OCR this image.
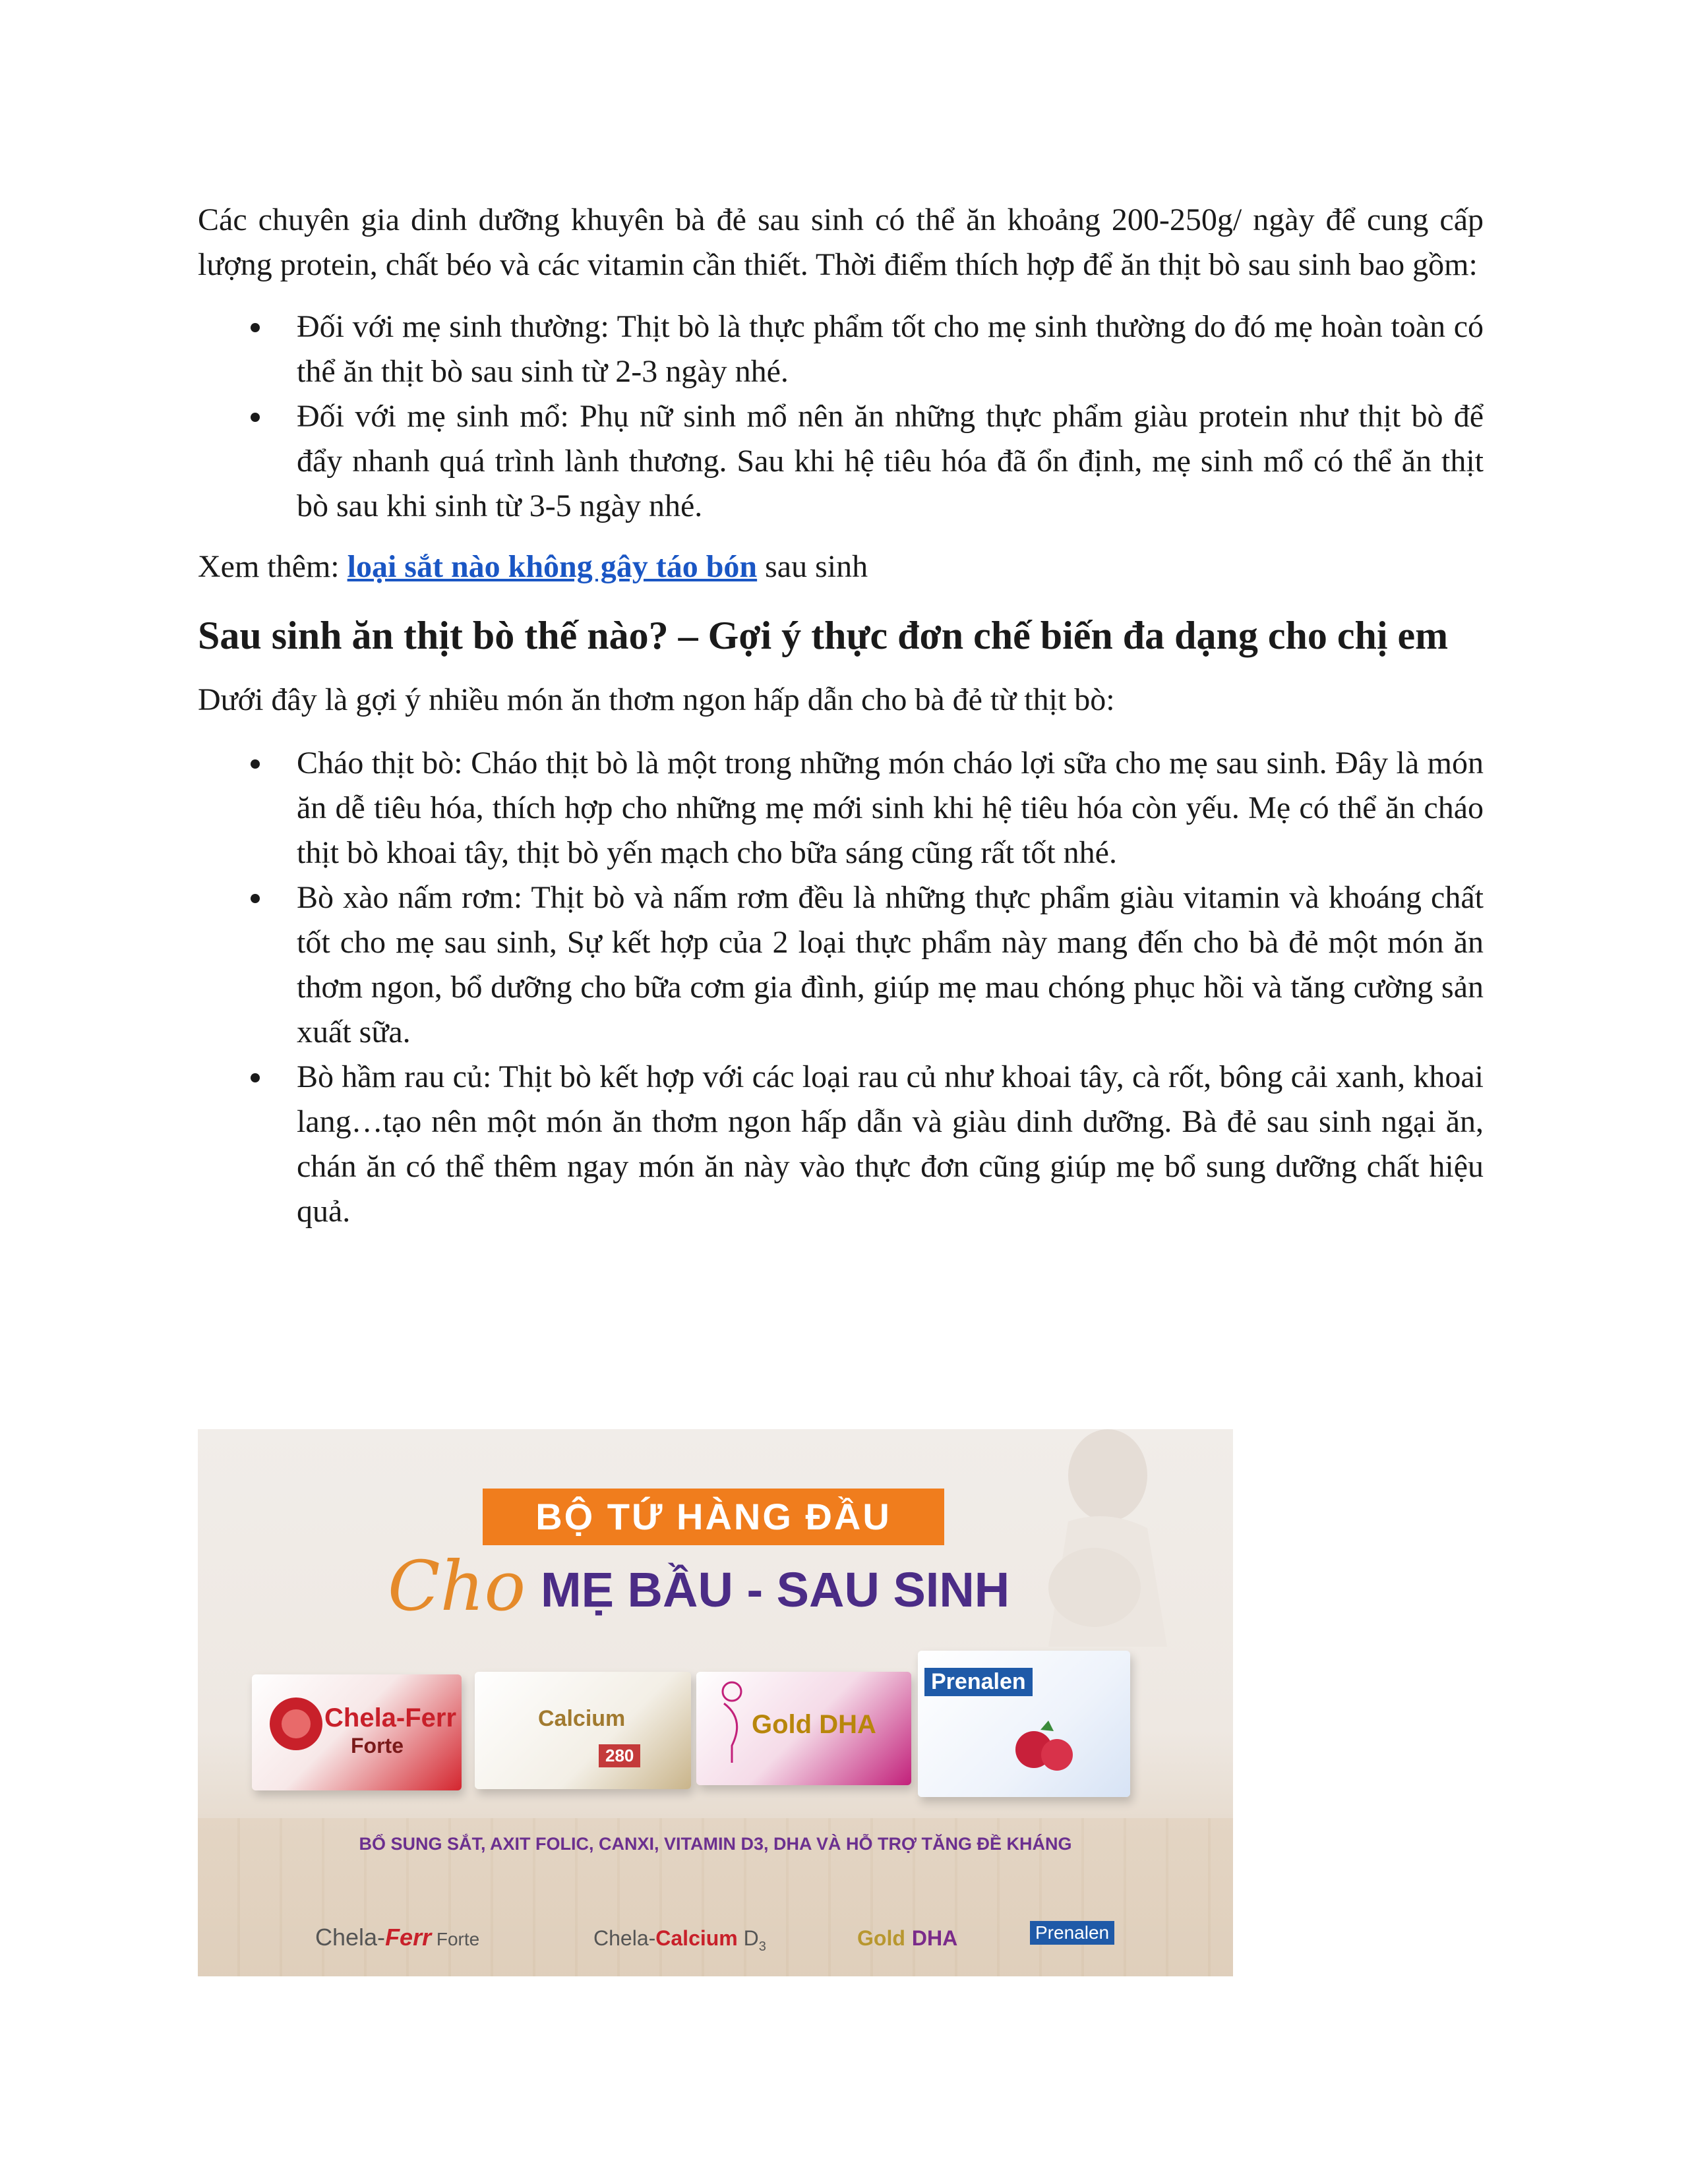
Các chuyên gia dinh dưỡng khuyên bà đẻ sau sinh có thể ăn khoảng 200-250g/ ngày để cung cấp lượng protein, chất béo và các vitamin cần thiết. Thời điểm thích hợp để ăn thịt bò sau sinh bao gồm:

Đối với mẹ sinh thường: Thịt bò là thực phẩm tốt cho mẹ sinh thường do đó mẹ hoàn toàn có thể ăn thịt bò sau sinh từ 2-3 ngày nhé.
Đối với mẹ sinh mổ: Phụ nữ sinh mổ nên ăn những thực phẩm giàu protein như thịt bò để đẩy nhanh quá trình lành thương. Sau khi hệ tiêu hóa đã ổn định, mẹ sinh mổ có thể ăn thịt bò sau khi sinh từ 3-5 ngày nhé.

Xem thêm: loại sắt nào không gây táo bón sau sinh

Sau sinh ăn thịt bò thế nào? – Gợi ý thực đơn chế biến đa dạng cho chị em

Dưới đây là gợi ý nhiều món ăn thơm ngon hấp dẫn cho bà đẻ từ thịt bò:

Cháo thịt bò: Cháo thịt bò là một trong những món cháo lợi sữa cho mẹ sau sinh. Đây là món ăn dễ tiêu hóa, thích hợp cho những mẹ mới sinh khi hệ tiêu hóa còn yếu. Mẹ có thể ăn cháo thịt bò khoai tây, thịt bò yến mạch cho bữa sáng cũng rất tốt nhé.
Bò xào nấm rơm: Thịt bò và nấm rơm đều là những thực phẩm giàu vitamin và khoáng chất tốt cho mẹ sau sinh, Sự kết hợp của 2 loại thực phẩm này mang đến cho bà đẻ một món ăn thơm ngon, bổ dưỡng cho bữa cơm gia đình, giúp mẹ mau chóng phục hồi và tăng cường sản xuất sữa.
Bò hầm rau củ: Thịt bò kết hợp với các loại rau củ như khoai tây, cà rốt, bông cải xanh, khoai lang…tạo nên một món ăn thơm ngon hấp dẫn và giàu dinh dưỡng. Bà đẻ sau sinh ngại ăn, chán ăn có thể thêm ngay món ăn này vào thực đơn cũng giúp mẹ bổ sung dưỡng chất hiệu quả.
BỘ TỨ HÀNG ĐẦU
Cho MẸ BẦU - SAU SINH
Chela-Ferr
Forte
Calcium
280
Gold DHA
Prenalen
BỔ SUNG SẮT, AXIT FOLIC, CANXI, VITAMIN D3, DHA VÀ HỖ TRỢ TĂNG ĐỀ KHÁNG
Chela-Ferr Forte	Chela-Calcium $D_3$	Gold DHA	Prenalen
